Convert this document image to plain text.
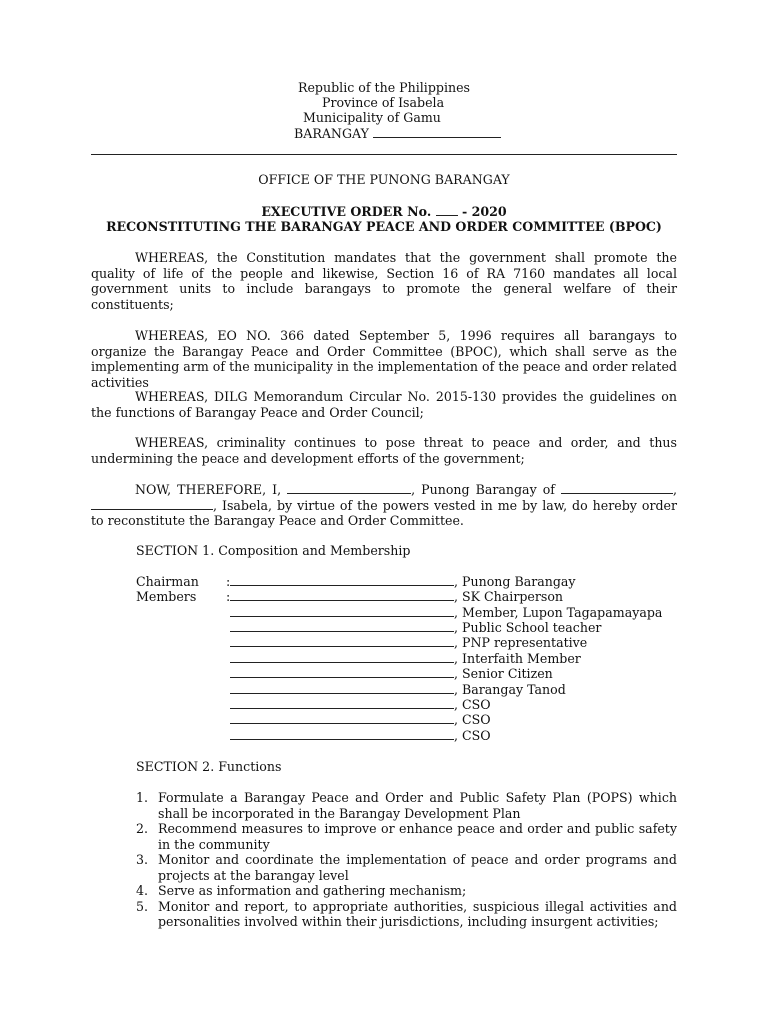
Republic of the Philippines
Province of Isabela
Municipality of Gamu
BARANGAY
OFFICE OF THE PUNONG BARANGAY
EXECUTIVE ORDER No. - 2020
RECONSTITUTING THE BARANGAY PEACE AND ORDER COMMITTEE (BPOC)
WHEREAS, the Constitution mandates that the government shall promote the quality of life of the people and likewise, Section 16 of RA 7160 mandates all local government units to include barangays to promote the general welfare of their constituents;
WHEREAS, EO NO. 366 dated September 5, 1996 requires all barangays to organize the Barangay Peace and Order Committee (BPOC), which shall serve as the implementing arm of the municipality in the implementation of the peace and order related activities
WHEREAS, DILG Memorandum Circular No. 2015-130 provides the guidelines on the functions of Barangay Peace and Order Council;
WHEREAS, criminality continues to pose threat to peace and order, and thus undermining the peace and development efforts of the government;
NOW, THEREFORE, I,	, Punong Barangay of	, , Isabela, by virtue of the powers vested in me by law, do hereby order to reconstitute the Barangay Peace and Order Committee.
SECTION 1. Composition and Membership
Chairman
Members
:
:
, Punong Barangay
, SK Chairperson
, Member, Lupon Tagapamayapa
, Public School teacher
, PNP representative
, Interfaith Member
, Senior Citizen
, Barangay Tanod
, CSO
, CSO
, CSO
SECTION 2. Functions
1. Formulate a Barangay Peace and Order and Public Safety Plan (POPS) which shall be incorporated in the Barangay Development Plan
2. Recommend measures to improve or enhance peace and order and public safety in the community
3. Monitor and coordinate the implementation of peace and order programs and projects at the barangay level
4. Serve as information and gathering mechanism;
5. Monitor and report, to appropriate authorities, suspicious illegal activities and personalities involved within their jurisdictions, including insurgent activities;
